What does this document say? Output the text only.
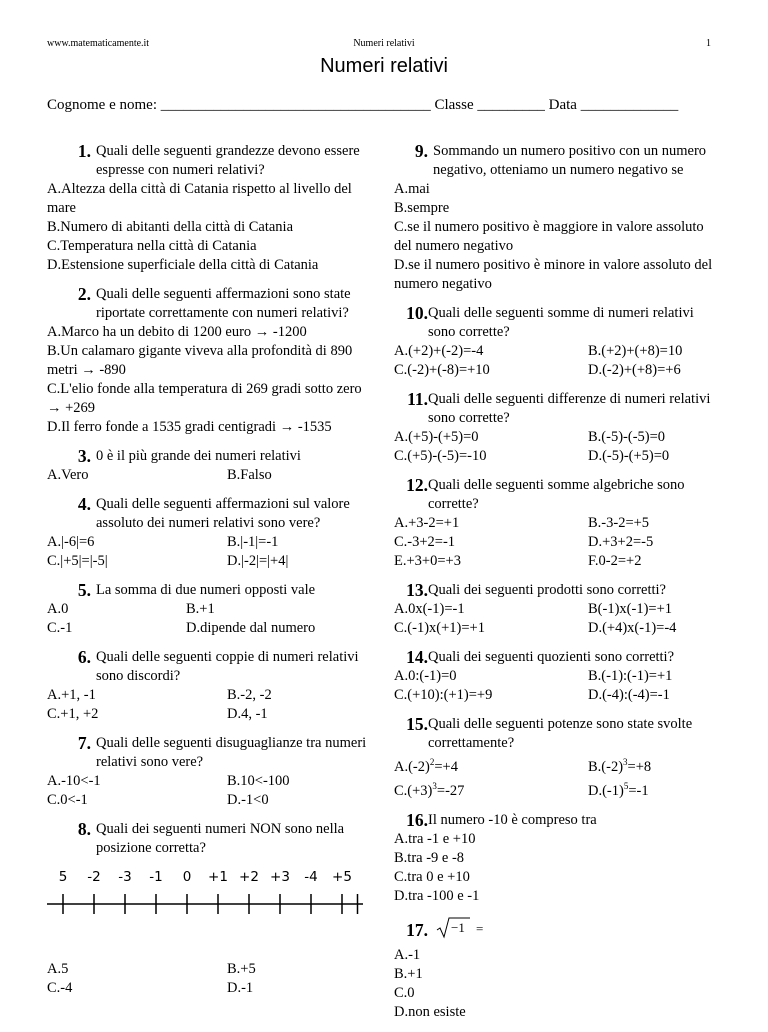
www.matematicamente.it	Numeri relativi	1
Numeri relativi
Cognome e nome: ____________________________________ Classe _________ Data _____________
1. Quali delle seguenti grandezze devono essere espresse con numeri relativi?
A.Altezza della città di Catania rispetto al livello del mare
B.Numero di abitanti della città di Catania
C.Temperatura nella città di Catania
D.Estensione superficiale della città di Catania
2. Quali delle seguenti affermazioni sono state riportate correttamente con numeri relativi?
A.Marco ha un debito di 1200 euro → -1200
B.Un calamaro gigante viveva alla profondità di 890 metri → -890
C.L'elio fonde alla temperatura di 269 gradi sotto zero → +269
D.Il ferro fonde a 1535 gradi centigradi → -1535
3. 0 è il più grande dei numeri relativi
A.Vero	B.Falso
4. Quali delle seguenti affermazioni sul valore assoluto dei numeri relativi sono vere?
A.|-6|=6	B.|-1|=-1
C.|+5|=|-5|	D.|-2|=|+4|
5. La somma di due numeri opposti vale
A.0	B.+1
C.-1	D.dipende dal numero
6. Quali delle seguenti coppie di numeri relativi sono discordi?
A.+1, -1	B.-2, -2
C.+1, +2	D.4, -1
7. Quali delle seguenti disuguaglianze tra numeri relativi sono vere?
A.-10<-1	B.10<-100
C.0<-1	D.-1<0
8. Quali dei seguenti numeri NON sono nella posizione corretta?
5 -2 -3 -1 0 +1 +2 +3 -4 +5
A.5	B.+5
C.-4	D.-1
9. Sommando un numero positivo con un numero negativo, otteniamo un numero negativo se
A.mai
B.sempre
C.se il numero positivo è maggiore in valore assoluto del numero negativo
D.se il numero positivo è minore in valore assoluto del numero negativo
10. Quali delle seguenti somme di numeri relativi sono corrette?
A.(+2)+(-2)=-4	B.(+2)+(+8)=10
C.(-2)+(-8)=+10	D.(-2)+(+8)=+6
11. Quali delle seguenti differenze di numeri relativi sono corrette?
A.(+5)-(+5)=0	B.(-5)-(-5)=0
C.(+5)-(-5)=-10	D.(-5)-(+5)=0
12. Quali delle seguenti somme algebriche sono corrette?
A.+3-2=+1	B.-3-2=+5
C.-3+2=-1	D.+3+2=-5
E.+3+0=+3	F.0-2=+2
13. Quali dei seguenti prodotti sono corretti?
A.0x(-1)=-1	B(-1)x(-1)=+1
C.(-1)x(+1)=+1	D.(+4)x(-1)=-4
14. Quali dei seguenti quozienti sono corretti?
A.0:(-1)=0	B.(-1):(-1)=+1
C.(+10):(+1)=+9	D.(-4):(-4)=-1
15. Quali delle seguenti potenze sono state svolte correttamente?
$A.(-2)^2=+4$	$B.(-2)^3=+8$
$C.(+3)^3=-27$	$D.(-1)^5=-1$
16. Il numero -10 è compreso tra
A.tra -1 e +10
B.tra -9 e -8
C.tra 0 e +10
D.tra -100 e -1
17. −1 =
A.-1
B.+1
C.0
D.non esiste
